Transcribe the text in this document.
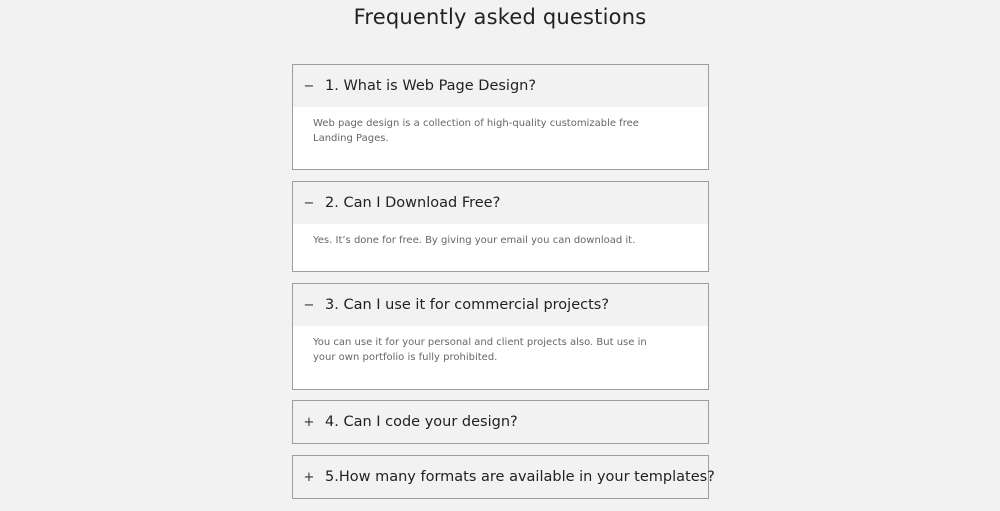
Frequently asked questions
− 1. What is Web Page Design?
Web page design is a collection of high-quality customizable free Landing Pages.
− 2. Can I Download Free?
Yes. It’s done for free. By giving your email you can download it.
− 3. Can I use it for commercial projects?
You can use it for your personal and client projects also. But use in your own portfolio is fully prohibited.
+ 4. Can I code your design?
+ 5.How many formats are available in your templates?
